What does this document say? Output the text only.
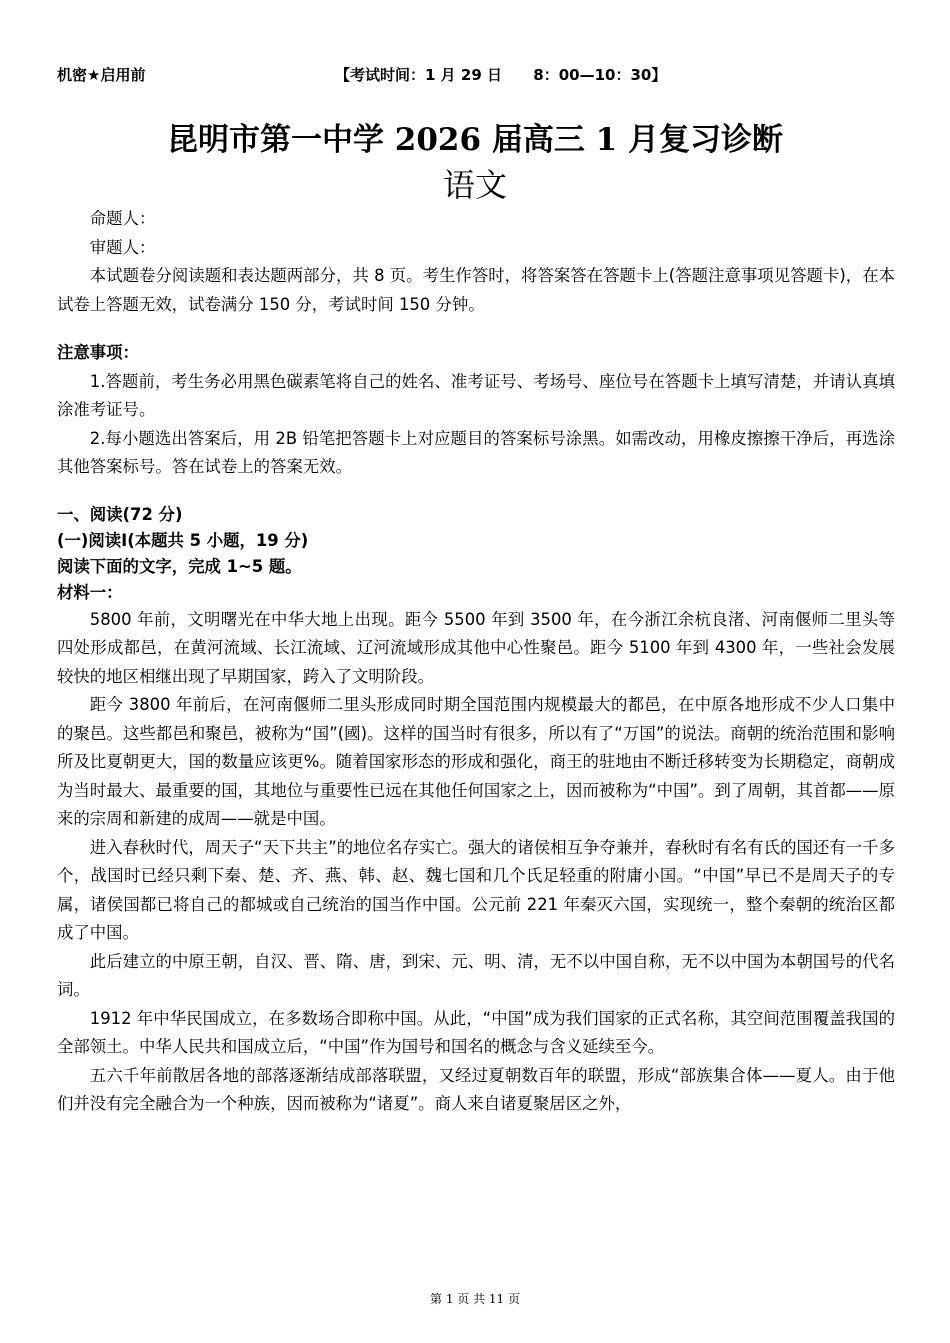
机密★启用前	【考试时间：1 月 29 日      8：00—10：30】
昆明市第一中学 2026 届高三 1 月复习诊断
语文

命题人：

审题人：

本试题卷分阅读题和表达题两部分，共 8 页。考生作答时，将答案答在答题卡上(答题注意事项见答题卡)，在本试卷上答题无效，试卷满分 150 分，考试时间 150 分钟。

注意事项：

1.答题前，考生务必用黑色碳素笔将自己的姓名、准考证号、考场号、座位号在答题卡上填写清楚，并请认真填涂准考证号。

2.每小题选出答案后，用 2B 铅笔把答题卡上对应题目的答案标号涂黑。如需改动，用橡皮擦擦干净后，再选涂其他答案标号。答在试卷上的答案无效。

一、阅读(72 分)

(一)阅读Ⅰ(本题共 5 小题，19 分)

阅读下面的文字，完成 1~5 题。

材料一：

5800 年前，文明曙光在中华大地上出现。距今 5500 年到 3500 年，在今浙江余杭良渚、河南偃师二里头等四处形成都邑，在黄河流域、长江流域、辽河流域形成其他中心性聚邑。距今 5100 年到 4300 年，一些社会发展较快的地区相继出现了早期国家，跨入了文明阶段。

距今 3800 年前后，在河南偃师二里头形成同时期全国范围内规模最大的都邑，在中原各地形成不少人口集中的聚邑。这些都邑和聚邑，被称为“国”(國)。这样的国当时有很多，所以有了“万国”的说法。商朝的统治范围和影响所及比夏朝更大，国的数量应该更%。随着国家形态的形成和强化，商王的驻地由不断迁移转变为长期稳定，商朝成为当时最大、最重要的国，其地位与重要性已远在其他任何国家之上，因而被称为“中国”。到了周朝，其首都——原来的宗周和新建的成周——就是中国。

进入春秋时代，周天子“天下共主”的地位名存实亡。强大的诸侯相互争夺兼并，春秋时有名有氏的国还有一千多个，战国时已经只剩下秦、楚、齐、燕、韩、赵、魏七国和几个氏足轻重的附庸小国。“中国”早已不是周天子的专属，诸侯国都已将自己的都城或自己统治的国当作中国。公元前 221 年秦灭六国，实现统一，整个秦朝的统治区都成了中国。

此后建立的中原王朝，自汉、晋、隋、唐，到宋、元、明、清，无不以中国自称，无不以中国为本朝国号的代名词。

1912 年中华民国成立，在多数场合即称中国。从此，“中国”成为我们国家的正式名称，其空间范围覆盖我国的全部领土。中华人民共和国成立后，“中国”作为国号和国名的概念与含义延续至今。

五六千年前散居各地的部落逐渐结成部落联盟，又经过夏朝数百年的联盟，形成“部族集合体——夏人。由于他们并没有完全融合为一个种族，因而被称为“诸夏”。商人来自诸夏聚居区之外，

第 1 页 共 11 页
